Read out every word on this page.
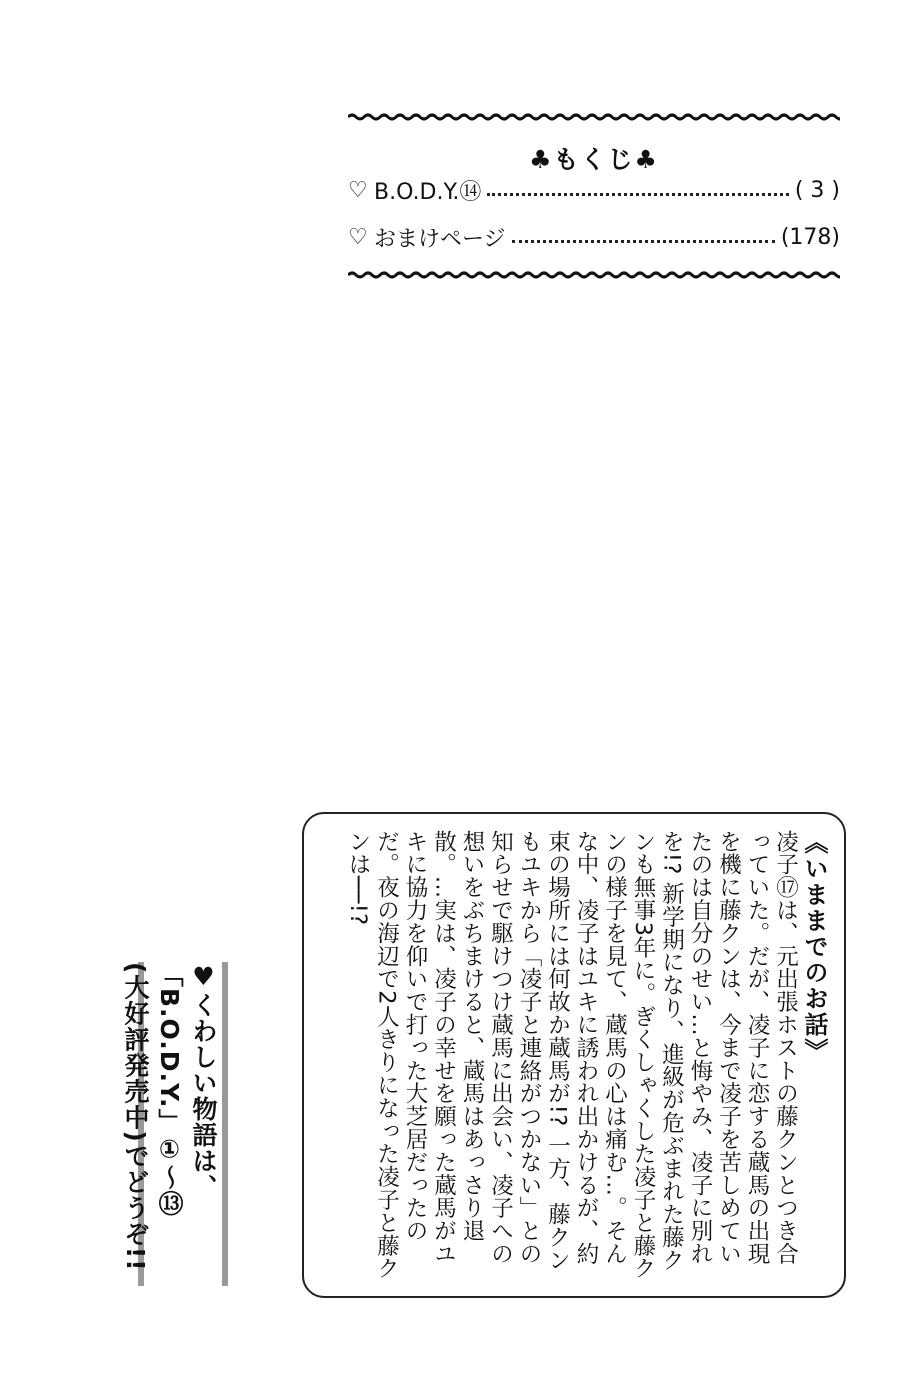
♣もくじ♣
♡ B.O.D.Y.⑭	( 3 )
♡ おまけページ	(178)
《いままでのお話》

凌子⑰は、元出張ホストの藤クンとつき合っていた。だが、凌子に恋する蔵馬の出現を機に藤クンは、今まで凌子を苦しめていたのは自分のせい…と悔やみ、凌子に別れを!? 新学期になり、進級が危ぶまれた藤クンも無事3年に。ぎくしゃくした凌子と藤クンの様子を見て、蔵馬の心は痛む…。そんな中、凌子はユキに誘われ出かけるが、約束の場所には何故か蔵馬が!? 一方、藤クンもユキから「凌子と連絡がつかない」との知らせで駆けつけ蔵馬に出会い、凌子への想いをぶちまけると、蔵馬はあっさり退散。…実は、凌子の幸せを願った蔵馬がユキに協力を仰いで打った大芝居だったのだ。夜の海辺で2人きりになった凌子と藤クンは──!?

♥くわしい物語は、
「B.O.D.Y.」①〜⑬
(大好評発売中)でどうぞ!!
